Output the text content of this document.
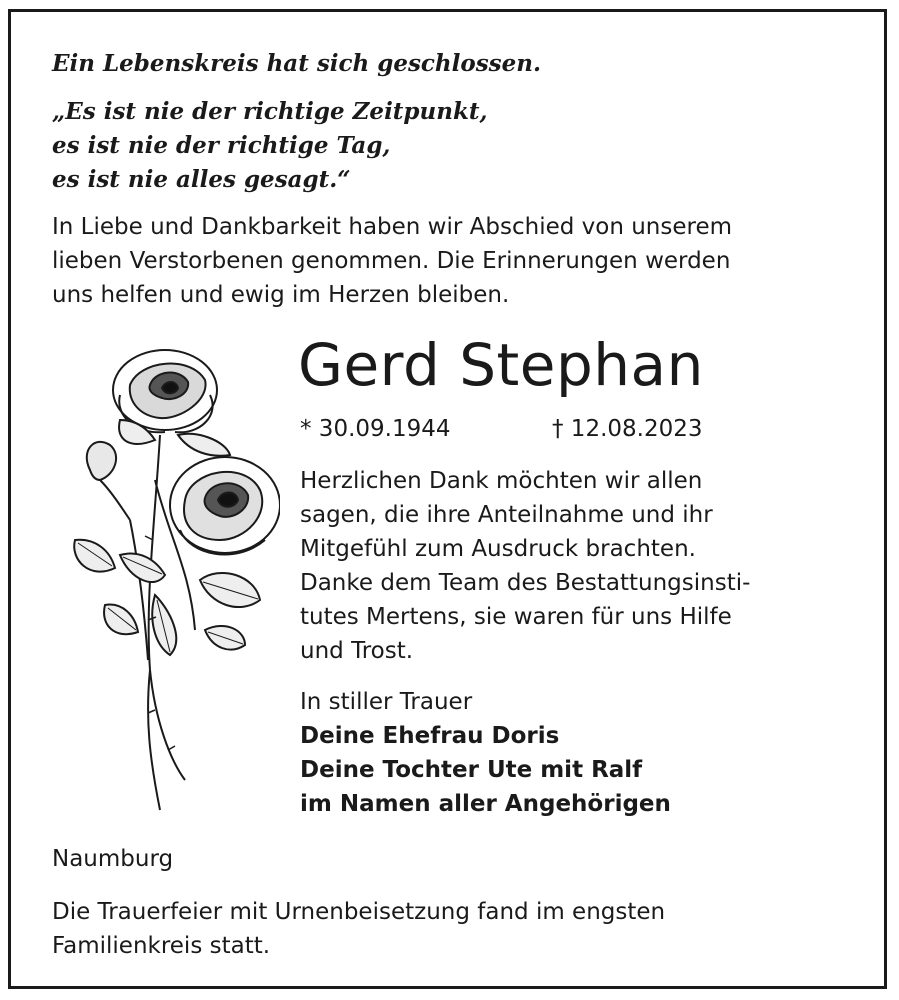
Ein Lebenskreis hat sich geschlossen.
„Es ist nie der richtige Zeitpunkt,
es ist nie der richtige Tag,
es ist nie alles gesagt.“
In Liebe und Dankbarkeit haben wir Abschied von unserem
lieben Verstorbenen genommen. Die Erinnerungen werden
uns helfen und ewig im Herzen bleiben.
Gerd Stephan
* 30.09.1944	† 12.08.2023
Herzlichen Dank möchten wir allen
sagen, die ihre Anteilnahme und ihr
Mitgefühl zum Ausdruck brachten.
Danke dem Team des Bestattungsinsti-
tutes Mertens, sie waren für uns Hilfe
und Trost.
In stiller Trauer
Deine Ehefrau Doris
Deine Tochter Ute mit Ralf
im Namen aller Angehörigen
Naumburg
Die Trauerfeier mit Urnenbeisetzung fand im engsten
Familienkreis statt.
